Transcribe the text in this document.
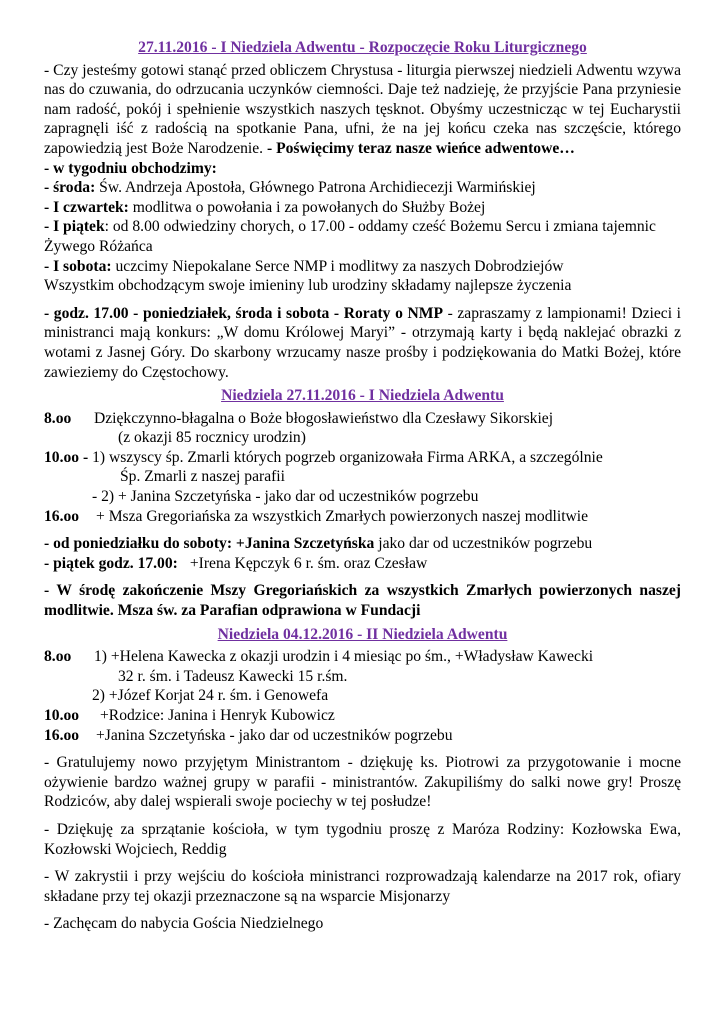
27.11.2016 - I Niedziela Adwentu - Rozpoczęcie Roku Liturgicznego

- Czy jesteśmy gotowi stanąć przed obliczem Chrystusa - liturgia pierwszej niedzieli Adwentu wzywa nas do czuwania, do odrzucania uczynków ciemności. Daje też nadzieję, że przyjście Pana przyniesie nam radość, pokój i spełnienie wszystkich naszych tęsknot. Obyśmy uczestnicząc w tej Eucharystii zapragnęli iść z radością na spotkanie Pana, ufni, że na jej końcu czeka nas szczęście, którego zapowiedzią jest Boże Narodzenie. - Poświęcimy teraz nasze wieńce adwentowe…

- w tygodniu obchodzimy:

- środa: Św. Andrzeja Apostoła, Głównego Patrona Archidiecezji Warmińskiej

- I czwartek: modlitwa o powołania i za powołanych do Służby Bożej

- I piątek: od 8.00 odwiedziny chorych, o 17.00 - oddamy cześć Bożemu Sercu i zmiana tajemnic Żywego Różańca

- I sobota: uczcimy Niepokalane Serce NMP i modlitwy za naszych Dobrodziejów

Wszystkim obchodzącym swoje imieniny lub urodziny składamy najlepsze życzenia

- godz. 17.00 - poniedziałek, środa i sobota - Roraty o NMP - zapraszamy z lampionami! Dzieci i ministranci mają konkurs: „W domu Królowej Maryi” - otrzymają karty i będą naklejać obrazki z wotami z Jasnej Góry. Do skarbony wrzucamy nasze prośby i podziękowania do Matki Bożej, które zawieziemy do Częstochowy.

Niedziela 27.11.2016 - I Niedziela Adwentu

8.oo	Dziękczynno-błagalna o Boże błogosławieństwo dla Czesławy Sikorskiej

(z okazji 85 rocznicy urodzin)

10.oo - 1) wszyscy śp. Zmarli których pogrzeb organizowała Firma ARKA, a szczególnie

Śp. Zmarli z naszej parafii

- 2) + Janina Szczetyńska - jako dar od uczestników pogrzebu

16.oo	+ Msza Gregoriańska za wszystkich Zmarłych powierzonych naszej modlitwie

- od poniedziałku do soboty: +Janina Szczetyńska jako dar od uczestników pogrzebu

- piątek godz. 17.00: +Irena Kępczyk 6 r. śm. oraz Czesław

- W środę zakończenie Mszy Gregoriańskich za wszystkich Zmarłych powierzonych naszej modlitwie. Msza św. za Parafian odprawiona w Fundacji

Niedziela 04.12.2016 - II Niedziela Adwentu

8.oo	1) +Helena Kawecka z okazji urodzin i 4 miesiąc po śm., +Władysław Kawecki

32 r. śm. i Tadeusz Kawecki 15 r.śm.

2) +Józef Korjat 24 r. śm. i Genowefa

10.oo	+Rodzice: Janina i Henryk Kubowicz
16.oo	+Janina Szczetyńska - jako dar od uczestników pogrzebu

- Gratulujemy nowo przyjętym Ministrantom - dziękuję ks. Piotrowi za przygotowanie i mocne ożywienie bardzo ważnej grupy w parafii - ministrantów. Zakupiliśmy do salki nowe gry! Proszę Rodziców, aby dalej wspierali swoje pociechy w tej posłudze!

- Dziękuję za sprzątanie kościoła, w tym tygodniu proszę z Maróza Rodziny: Kozłowska Ewa, Kozłowski Wojciech, Reddig

- W zakrystii i przy wejściu do kościoła ministranci rozprowadzają kalendarze na 2017 rok, ofiary składane przy tej okazji przeznaczone są na wsparcie Misjonarzy

- Zachęcam do nabycia Gościa Niedzielnego
